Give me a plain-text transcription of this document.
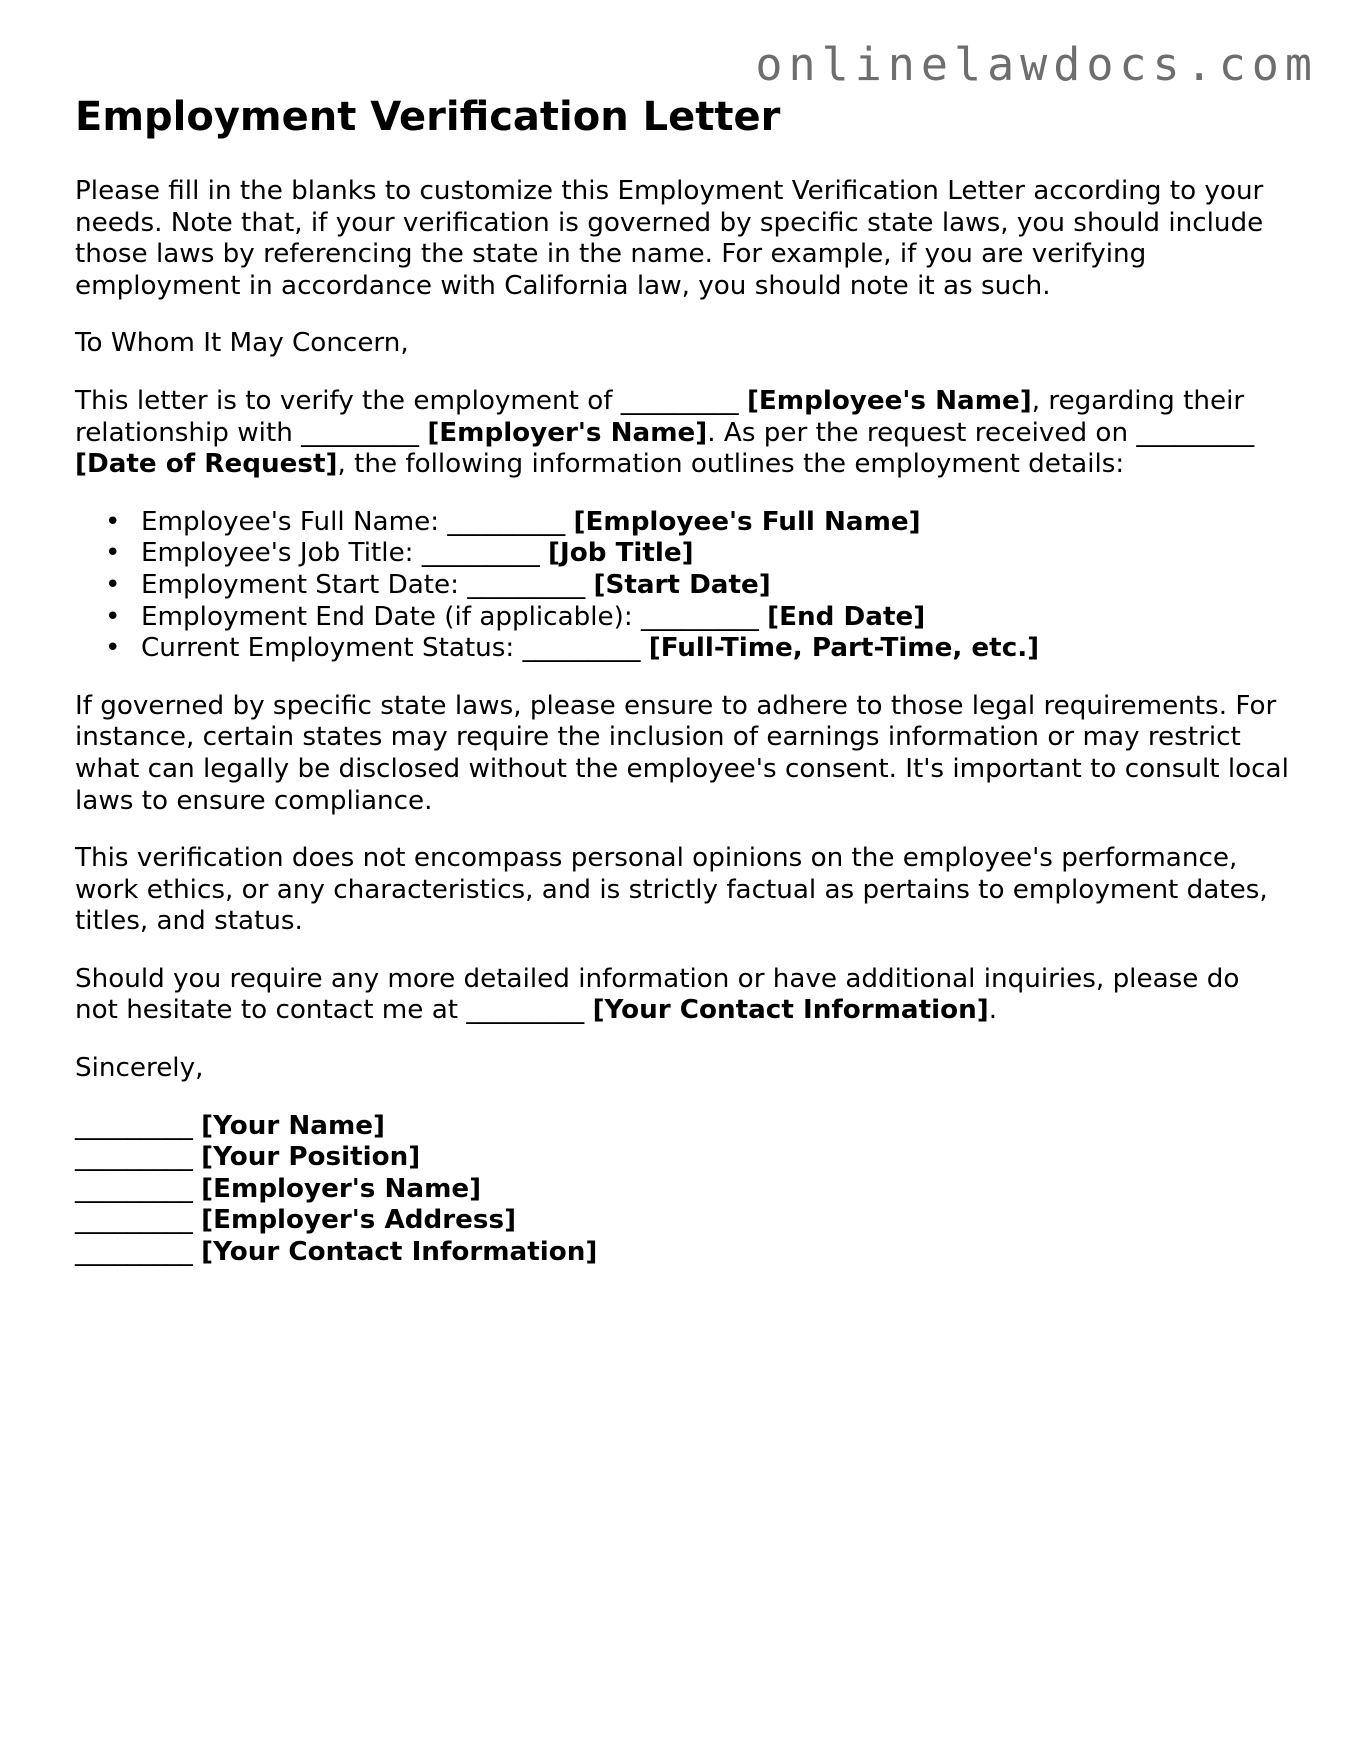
onlinelawdocs.com
Employment Verification Letter

Please fill in the blanks to customize this Employment Verification Letter according to your needs. Note that, if your verification is governed by specific state laws, you should include those laws by referencing the state in the name. For example, if you are verifying employment in accordance with California law, you should note it as such.

To Whom It May Concern,

This letter is to verify the employment of _________ [Employee's Name], regarding their relationship with _________ [Employer's Name]. As per the request received on _________ [Date of Request], the following information outlines the employment details:

• Employee's Full Name: _________ [Employee's Full Name]
• Employee's Job Title: _________ [Job Title]
• Employment Start Date: _________ [Start Date]
• Employment End Date (if applicable): _________ [End Date]
• Current Employment Status: _________ [Full-Time, Part-Time, etc.]

If governed by specific state laws, please ensure to adhere to those legal requirements. For instance, certain states may require the inclusion of earnings information or may restrict what can legally be disclosed without the employee's consent. It's important to consult local laws to ensure compliance.

This verification does not encompass personal opinions on the employee's performance, work ethics, or any characteristics, and is strictly factual as pertains to employment dates, titles, and status.

Should you require any more detailed information or have additional inquiries, please do not hesitate to contact me at _________ [Your Contact Information].

Sincerely,

_________ [Your Name]
_________ [Your Position]
_________ [Employer's Name]
_________ [Employer's Address]
_________ [Your Contact Information]
